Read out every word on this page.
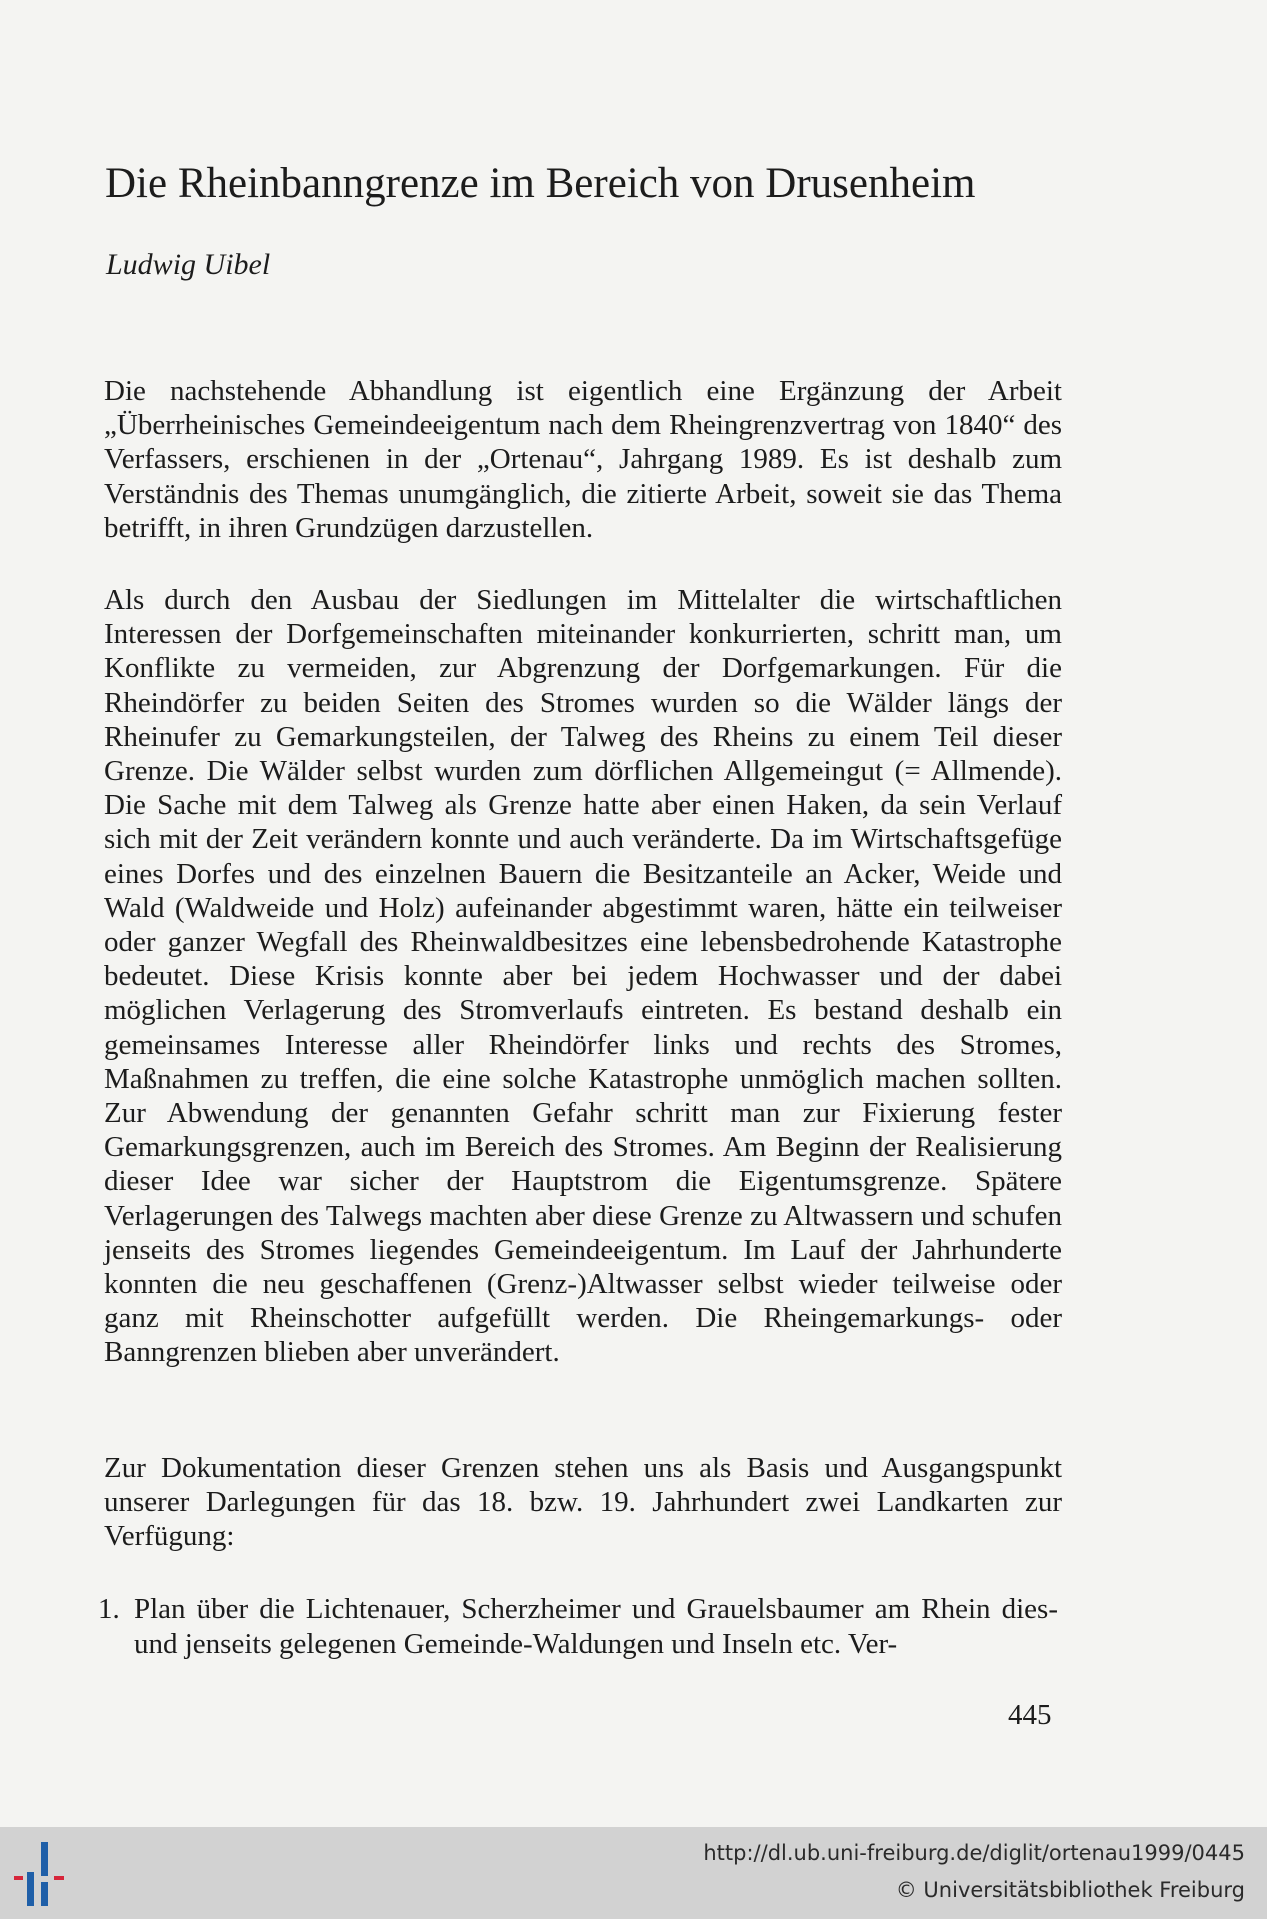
Die Rheinbanngrenze im Bereich von Drusenheim
Ludwig Uibel

Die nachstehende Abhandlung ist eigentlich eine Ergänzung der Arbeit „Überrheinisches Gemeindeeigentum nach dem Rheingrenzvertrag von 1840“ des Verfassers, erschienen in der „Ortenau“, Jahrgang 1989. Es ist deshalb zum Verständnis des Themas unumgänglich, die zitierte Arbeit, soweit sie das Thema betrifft, in ihren Grundzügen darzustellen.

Als durch den Ausbau der Siedlungen im Mittelalter die wirtschaftlichen Interessen der Dorfgemeinschaften miteinander konkurrierten, schritt man, um Konflikte zu vermeiden, zur Abgrenzung der Dorfgemarkungen. Für die Rheindörfer zu beiden Seiten des Stromes wurden so die Wälder längs der Rheinufer zu Gemarkungsteilen, der Talweg des Rheins zu einem Teil dieser Grenze. Die Wälder selbst wurden zum dörflichen Allgemeingut (= Allmende). Die Sache mit dem Talweg als Grenze hatte aber einen Haken, da sein Verlauf sich mit der Zeit verändern konnte und auch veränderte. Da im Wirtschaftsgefüge eines Dorfes und des einzelnen Bauern die Besitzanteile an Acker, Weide und Wald (Waldweide und Holz) aufeinander abgestimmt waren, hätte ein teilweiser oder ganzer Wegfall des Rheinwaldbesitzes eine lebensbedrohende Katastrophe bedeutet. Diese Krisis konnte aber bei jedem Hochwasser und der dabei möglichen Verlagerung des Stromverlaufs eintreten. Es bestand deshalb ein gemeinsames Interesse aller Rheindörfer links und rechts des Stromes, Maßnahmen zu treffen, die eine solche Katastrophe unmöglich machen sollten. Zur Abwendung der genannten Gefahr schritt man zur Fixierung fester Gemarkungsgrenzen, auch im Bereich des Stromes. Am Beginn der Realisierung dieser Idee war sicher der Hauptstrom die Eigentumsgrenze. Spätere Verlagerungen des Talwegs machten aber diese Grenze zu Altwassern und schufen jenseits des Stromes liegendes Gemeindeeigentum. Im Lauf der Jahrhunderte konnten die neu geschaffenen (Grenz-)Altwasser selbst wieder teilweise oder ganz mit Rheinschotter aufgefüllt werden. Die Rheingemarkungs- oder Banngrenzen blieben aber unverändert.

Zur Dokumentation dieser Grenzen stehen uns als Basis und Ausgangspunkt unserer Darlegungen für das 18. bzw. 19. Jahrhundert zwei Landkarten zur Verfügung:

1. Plan über die Lichtenauer, Scherzheimer und Grauelsbaumer am Rhein dies- und jenseits gelegenen Gemeinde-Waldungen und Inseln etc. Ver-
445
http://dl.ub.uni-freiburg.de/diglit/ortenau1999/0445
© Universitätsbibliothek Freiburg
